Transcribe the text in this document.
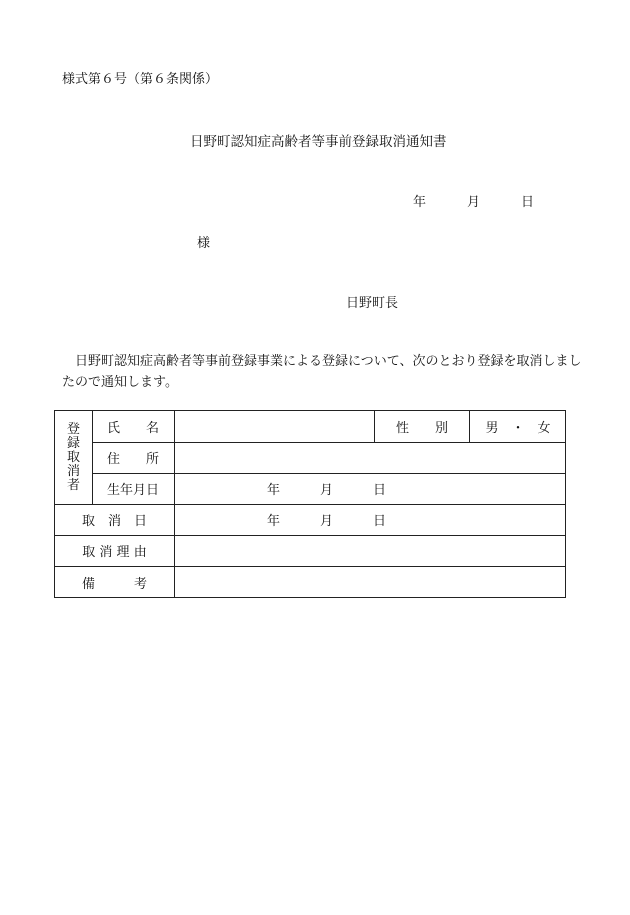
様式第６号（第６条関係）
日野町認知症高齢者等事前登録取消通知書
年	月	日
様
日野町長
日野町認知症高齢者等事前登録事業による登録について、次のとおり登録を取消しましたので通知します。
登
録
取
消
者
氏　　名	性　　別	男　・　女
住　　所
生年月日	年	月	日
取　消　日	年	月	日
取 消 理 由
備　　　考
